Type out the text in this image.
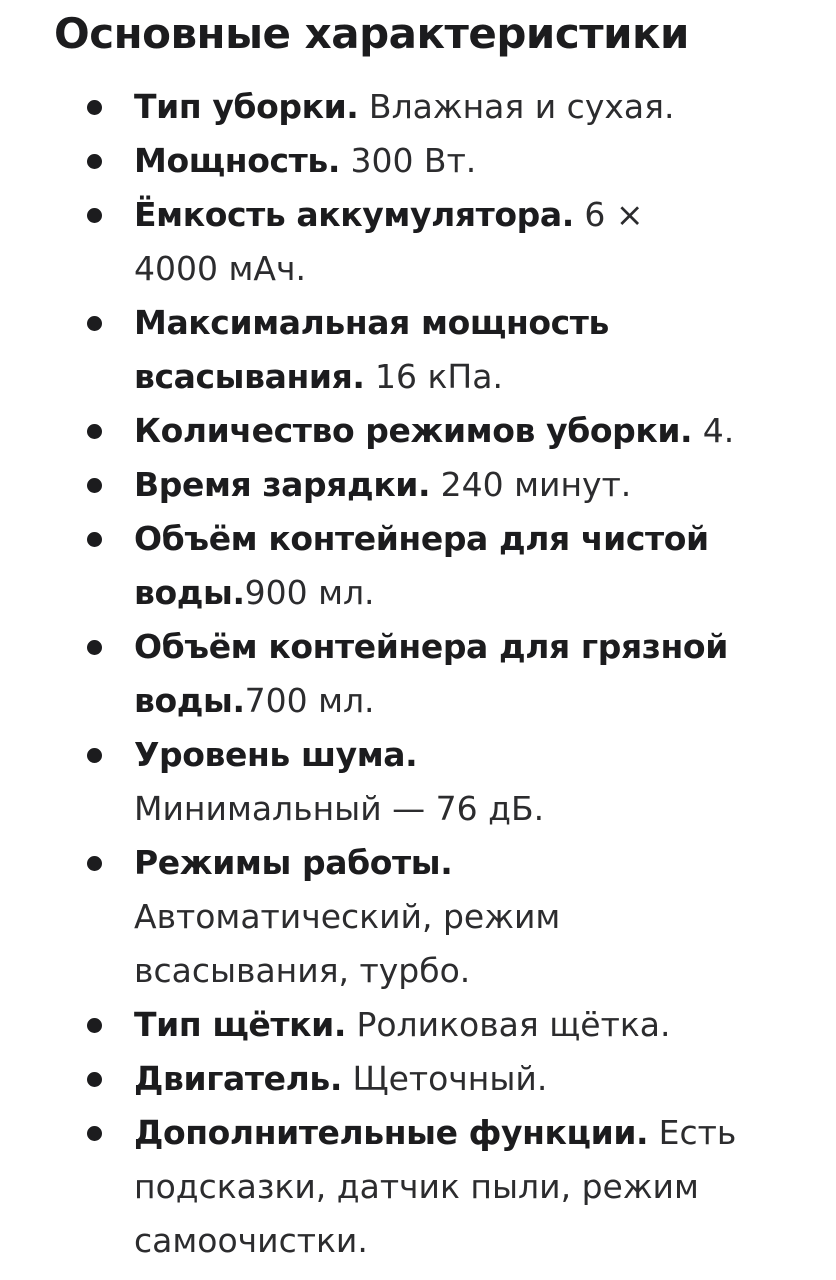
Основные характеристики
Тип уборки. Влажная и сухая.
Мощность. 300 Вт.
Ёмкость аккумулятора. 6 × 4000 мАч.
Максимальная мощность всасывания. 16 кПа.
Количество режимов уборки. 4.
Время зарядки. 240 минут.
Объём контейнера для чистой воды.900 мл.
Объём контейнера для грязной воды.700 мл.
Уровень шума. Минимальный — 76 дБ.
Режимы работы. Автоматический, режим всасывания, турбо.
Тип щётки. Роликовая щётка.
Двигатель. Щеточный.
Дополнительные функции. Есть подсказки, датчик пыли, режим самоочистки.
